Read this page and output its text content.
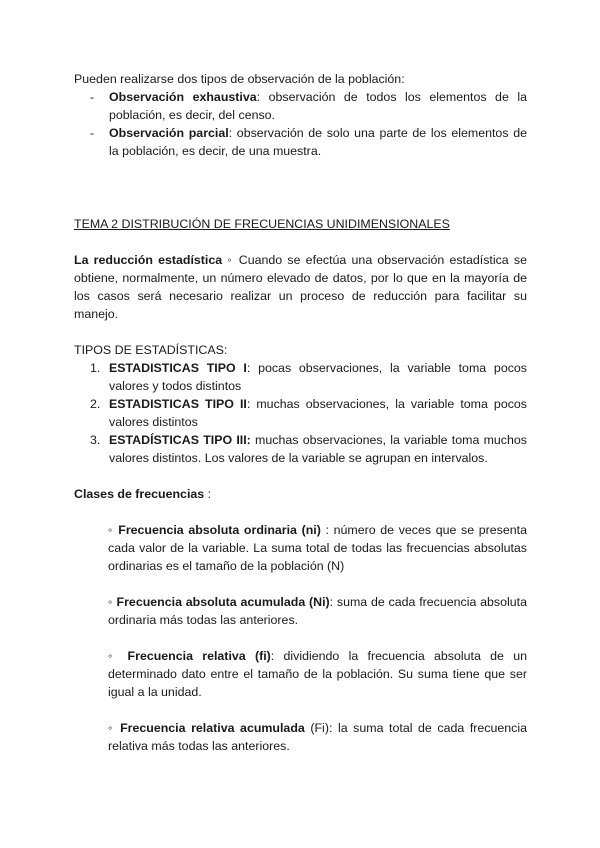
Pueden realizarse dos tipos de observación de la población:

- Observación exhaustiva: observación de todos los elementos de la población, es decir, del censo.
- Observación parcial: observación de solo una parte de los elementos de la población, es decir, de una muestra.

TEMA 2 DISTRIBUCIÓN DE FRECUENCIAS UNIDIMENSIONALES

La reducción estadística ◦ Cuando se efectúa una observación estadística se obtiene, normalmente, un número elevado de datos, por lo que en la mayoría de los casos será necesario realizar un proceso de reducción para facilitar su manejo.

TIPOS DE ESTADÍSTICAS:

1. ESTADISTICAS TIPO I: pocas observaciones, la variable toma pocos valores y todos distintos
2. ESTADISTICAS TIPO II: muchas observaciones, la variable toma pocos valores distintos
3. ESTADÍSTICAS TIPO III: muchas observaciones, la variable toma muchos valores distintos. Los valores de la variable se agrupan en intervalos.

Clases de frecuencias :

◦ Frecuencia absoluta ordinaria (ni) : número de veces que se presenta cada valor de la variable. La suma total de todas las frecuencias absolutas ordinarias es el tamaño de la población (N)

◦ Frecuencia absoluta acumulada (Ni): suma de cada frecuencia absoluta ordinaria más todas las anteriores.

◦ Frecuencia relativa (fi): dividiendo la frecuencia absoluta de un determinado dato entre el tamaño de la población. Su suma tiene que ser igual a la unidad.

◦ Frecuencia relativa acumulada (Fi): la suma total de cada frecuencia relativa más todas las anteriores.
